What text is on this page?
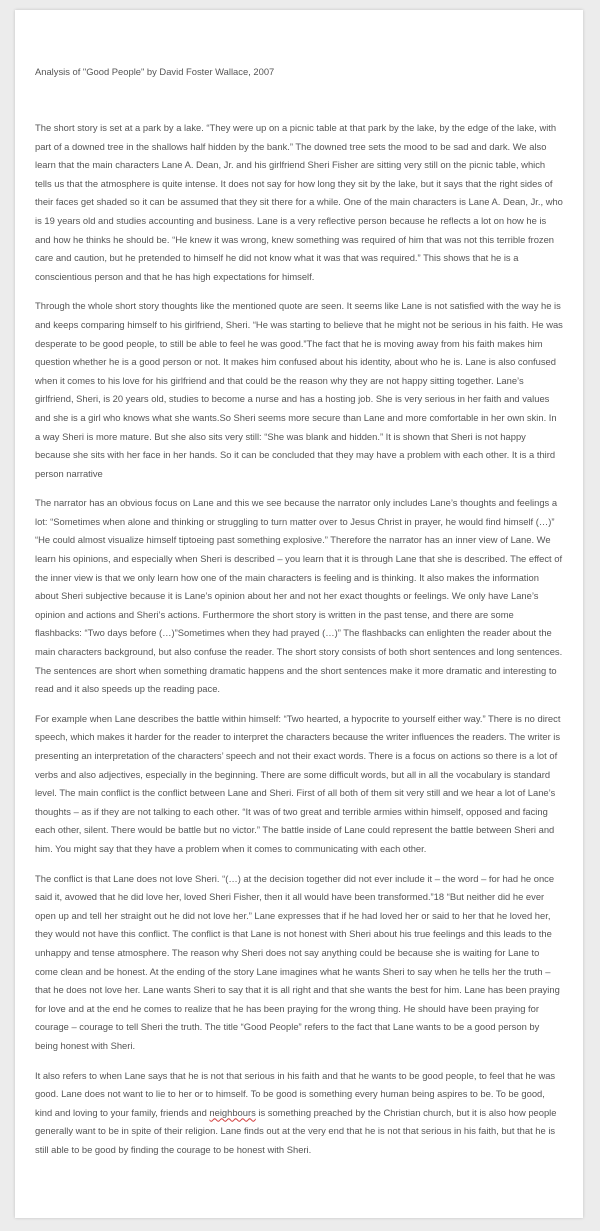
Analysis of "Good People" by David Foster Wallace, 2007

The short story is set at a park by a lake. “They were up on a picnic table at that park by the lake, by the edge of the lake, with part of a downed tree in the shallows half hidden by the bank.” The downed tree sets the mood to be sad and dark. We also learn that the main characters Lane A. Dean, Jr. and his girlfriend Sheri Fisher are sitting very still on the picnic table, which tells us that the atmosphere is quite intense. It does not say for how long they sit by the lake, but it says that the right sides of their faces get shaded so it can be assumed that they sit there for a while. One of the main characters is Lane A. Dean, Jr., who is 19 years old and studies accounting and business. Lane is a very reflective person because he reflects a lot on how he is and how he thinks he should be. “He knew it was wrong, knew something was required of him that was not this terrible frozen care and caution, but he pretended to himself he did not know what it was that was required.” This shows that he is a conscientious person and that he has high expectations for himself.

Through the whole short story thoughts like the mentioned quote are seen. It seems like Lane is not satisfied with the way he is and keeps comparing himself to his girlfriend, Sheri. “He was starting to believe that he might not be serious in his faith. He was desperate to be good people, to still be able to feel he was good.”The fact that he is moving away from his faith makes him question whether he is a good person or not. It makes him confused about his identity, about who he is. Lane is also confused when it comes to his love for his girlfriend and that could be the reason why they are not happy sitting together. Lane’s girlfriend, Sheri, is 20 years old, studies to become a nurse and has a hosting job. She is very serious in her faith and values and she is a girl who knows what she wants.So Sheri seems more secure than Lane and more comfortable in her own skin. In a way Sheri is more mature. But she also sits very still: “She was blank and hidden.” It is shown that Sheri is not happy because she sits with her face in her hands. So it can be concluded that they may have a problem with each other. It is a third person narrative

The narrator has an obvious focus on Lane and this we see because the narrator only includes Lane’s thoughts and feelings a lot: “Sometimes when alone and thinking or struggling to turn matter over to Jesus Christ in prayer, he would find himself (…)” “He could almost visualize himself tiptoeing past something explosive.” Therefore the narrator has an inner view of Lane. We learn his opinions, and especially when Sheri is described – you learn that it is through Lane that she is described. The effect of the inner view is that we only learn how one of the main characters is feeling and is thinking. It also makes the information about Sheri subjective because it is Lane’s opinion about her and not her exact thoughts or feelings. We only have Lane’s opinion and actions and Sheri’s actions. Furthermore the short story is written in the past tense, and there are some flashbacks: “Two days before (…)”Sometimes when they had prayed (…)” The flashbacks can enlighten the reader about the main characters background, but also confuse the reader. The short story consists of both short sentences and long sentences. The sentences are short when something dramatic happens and the short sentences make it more dramatic and interesting to read and it also speeds up the reading pace.

For example when Lane describes the battle within himself: “Two hearted, a hypocrite to yourself either way.” There is no direct speech, which makes it harder for the reader to interpret the characters because the writer influences the readers. The writer is presenting an interpretation of the characters’ speech and not their exact words. There is a focus on actions so there is a lot of verbs and also adjectives, especially in the beginning. There are some difficult words, but all in all the vocabulary is standard level. The main conflict is the conflict between Lane and Sheri. First of all both of them sit very still and we hear a lot of Lane’s thoughts – as if they are not talking to each other. “It was of two great and terrible armies within himself, opposed and facing each other, silent. There would be battle but no victor.” The battle inside of Lane could represent the battle between Sheri and him. You might say that they have a problem when it comes to communicating with each other.

The conflict is that Lane does not love Sheri. “(…) at the decision together did not ever include it – the word – for had he once said it, avowed that he did love her, loved Sheri Fisher, then it all would have been transformed.”18 “But neither did he ever open up and tell her straight out he did not love her.” Lane expresses that if he had loved her or said to her that he loved her, they would not have this conflict. The conflict is that Lane is not honest with Sheri about his true feelings and this leads to the unhappy and tense atmosphere. The reason why Sheri does not say anything could be because she is waiting for Lane to come clean and be honest. At the ending of the story Lane imagines what he wants Sheri to say when he tells her the truth – that he does not love her. Lane wants Sheri to say that it is all right and that she wants the best for him. Lane has been praying for love and at the end he comes to realize that he has been praying for the wrong thing. He should have been praying for courage – courage to tell Sheri the truth. The title “Good People” refers to the fact that Lane wants to be a good person by being honest with Sheri.

It also refers to when Lane says that he is not that serious in his faith and that he wants to be good people, to feel that he was good. Lane does not want to lie to her or to himself. To be good is something every human being aspires to be. To be good, kind and loving to your family, friends and neighbours is something preached by the Christian church, but it is also how people generally want to be in spite of their religion. Lane finds out at the very end that he is not that serious in his faith, but that he is still able to be good by finding the courage to be honest with Sheri.
